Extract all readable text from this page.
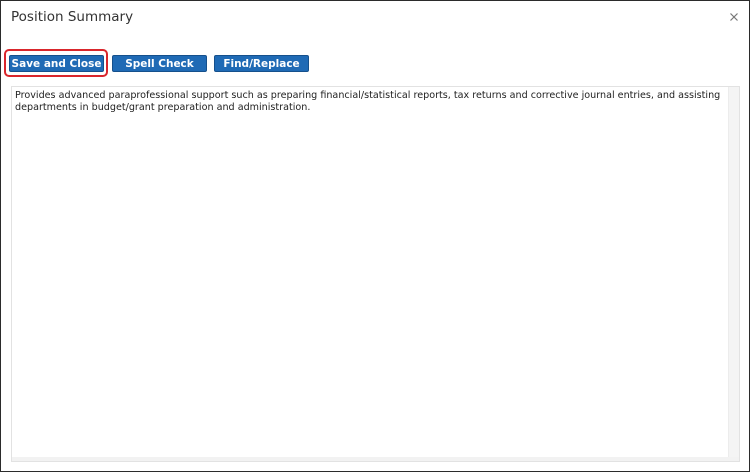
Position Summary
Save and Close	Spell Check	Find/Replace
Provides advanced paraprofessional support such as preparing financial/statistical reports, tax returns and corrective journal entries, and assisting departments in budget/grant preparation and administration.
